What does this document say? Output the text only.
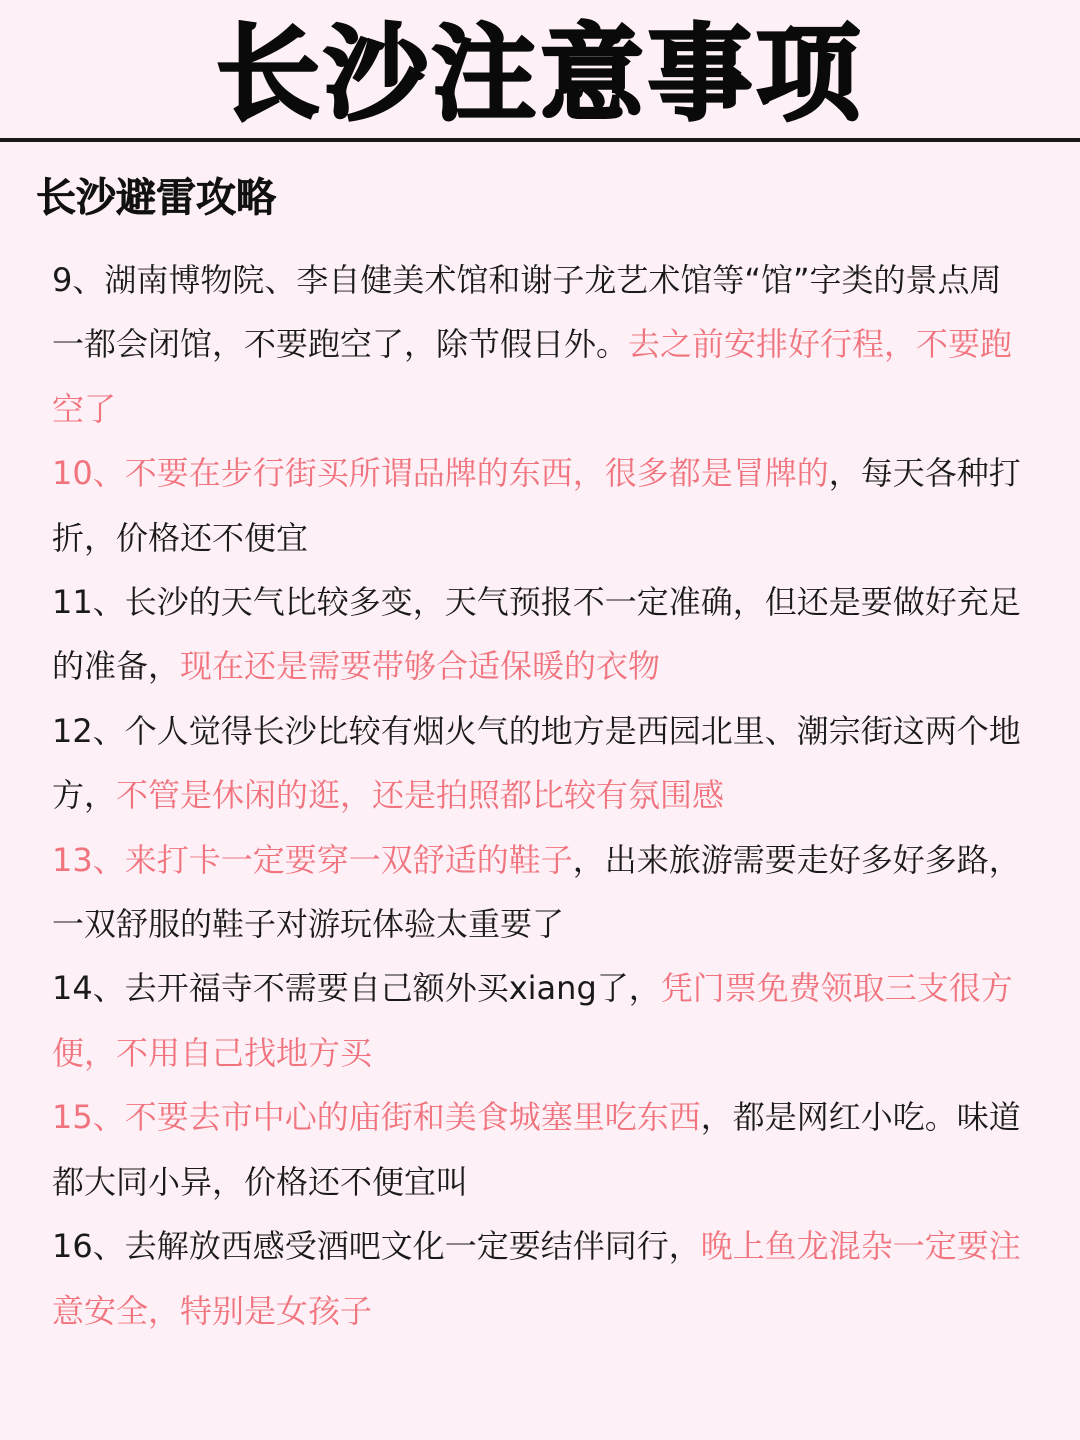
长沙注意事项
长沙避雷攻略

9、湖南博物院、李自健美术馆和谢子龙艺术馆等“馆”字类的景点周一都会闭馆，不要跑空了，除节假日外。去之前安排好行程，不要跑空了

10、不要在步行街买所谓品牌的东西，很多都是冒牌的，每天各种打折，价格还不便宜

11、长沙的天气比较多变，天气预报不一定准确，但还是要做好充足的准备，现在还是需要带够合适保暖的衣物

12、个人觉得长沙比较有烟火气的地方是西园北里、潮宗街这两个地方，不管是休闲的逛，还是拍照都比较有氛围感

13、来打卡一定要穿一双舒适的鞋子，出来旅游需要走好多好多路，一双舒服的鞋子对游玩体验太重要了

14、去开福寺不需要自己额外买xiang了，凭门票免费领取三支很方便，不用自己找地方买

15、不要去市中心的庙街和美食城塞里吃东西，都是网红小吃。味道都大同小异，价格还不便宜叫

16、去解放西感受酒吧文化一定要结伴同行，晚上鱼龙混杂一定要注意安全，特别是女孩子
